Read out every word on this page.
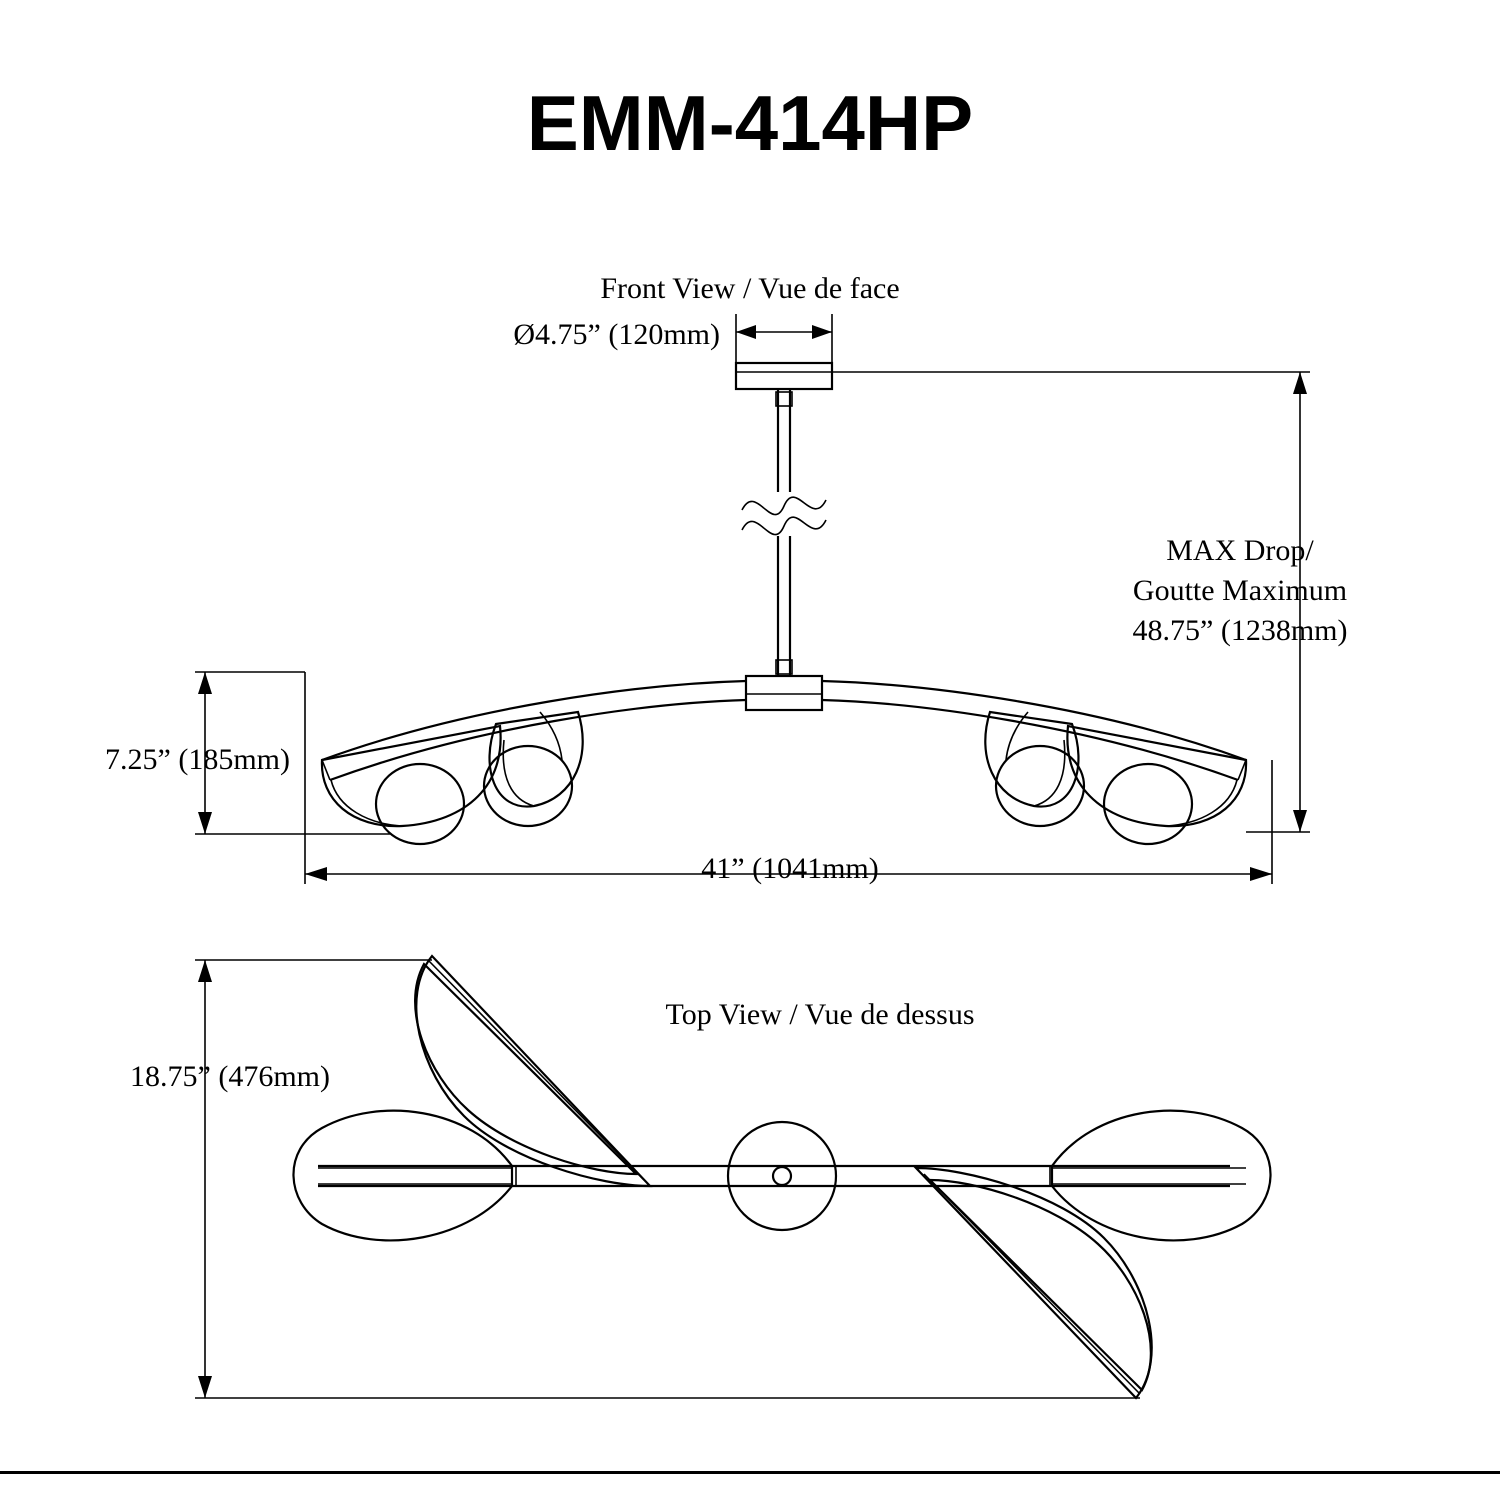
EMM-414HP
Front View / Vue de face
Ø4.75” (120mm)
MAX Drop/
Goutte Maximum
48.75” (1238mm)
7.25” (185mm)
41” (1041mm)
Top View / Vue de dessus
18.75” (476mm)
